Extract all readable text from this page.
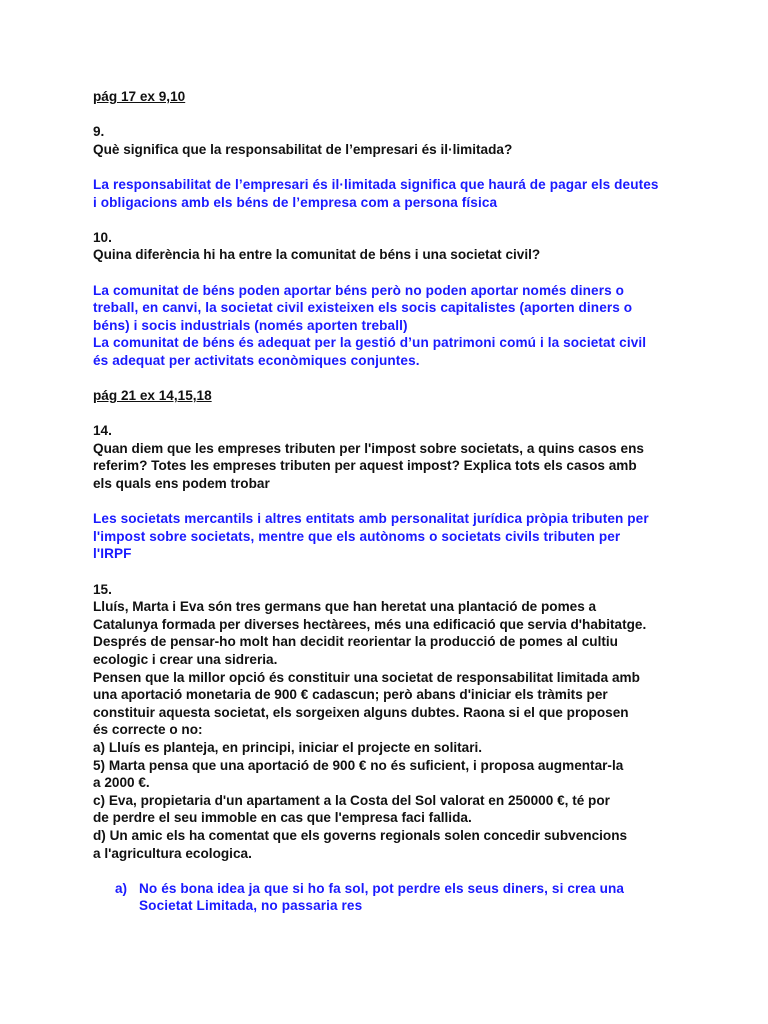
pág 17 ex 9,10
9.
Què significa que la responsabilitat de l’empresari és il·limitada?
La responsabilitat de l’empresari és il·limitada significa que haurá de pagar els deutes
i obligacions amb els béns de l’empresa com a persona física
10.
Quina diferència hi ha entre la comunitat de béns i una societat civil?
La comunitat de béns poden aportar béns però no poden aportar només diners o
treball, en canvi, la societat civil existeixen els socis capitalistes (aporten diners o
béns) i socis industrials (només aporten treball)
La comunitat de béns és adequat per la gestió d’un patrimoni comú i la societat civil
és adequat per activitats econòmiques conjuntes.
pág 21 ex 14,15,18
14.
Quan diem que les empreses tributen per l'impost sobre societats, a quins casos ens
referim? Totes les empreses tributen per aquest impost? Explica tots els casos amb
els quals ens podem trobar
Les societats mercantils i altres entitats amb personalitat jurídica pròpia tributen per
l'impost sobre societats, mentre que els autònoms o societats civils tributen per
l'IRPF
15.
Lluís, Marta i Eva són tres germans que han heretat una plantació de pomes a
Catalunya formada per diverses hectàrees, més una edificació que servia d'habitatge.
Després de pensar-ho molt han decidit reorientar la producció de pomes al cultiu
ecologic i crear una sidreria.
Pensen que la millor opció és constituir una societat de responsabilitat limitada amb
una aportació monetaria de 900 € cadascun; però abans d'iniciar els tràmits per
constituir aquesta societat, els sorgeixen alguns dubtes. Raona si el que proposen
és correcte o no:
a) Lluís es planteja, en principi, iniciar el projecte en solitari.
5) Marta pensa que una aportació de 900 € no és suficient, i proposa augmentar-la
a 2000 €.
c) Eva, propietaria d'un apartament a la Costa del Sol valorat en 250000 €, té por
de perdre el seu immoble en cas que l'empresa faci fallida.
d) Un amic els ha comentat que els governs regionals solen concedir subvencions
a l'agricultura ecologica.
a) No és bona idea ja que si ho fa sol, pot perdre els seus diners, si crea una
Societat Limitada, no passaria res
